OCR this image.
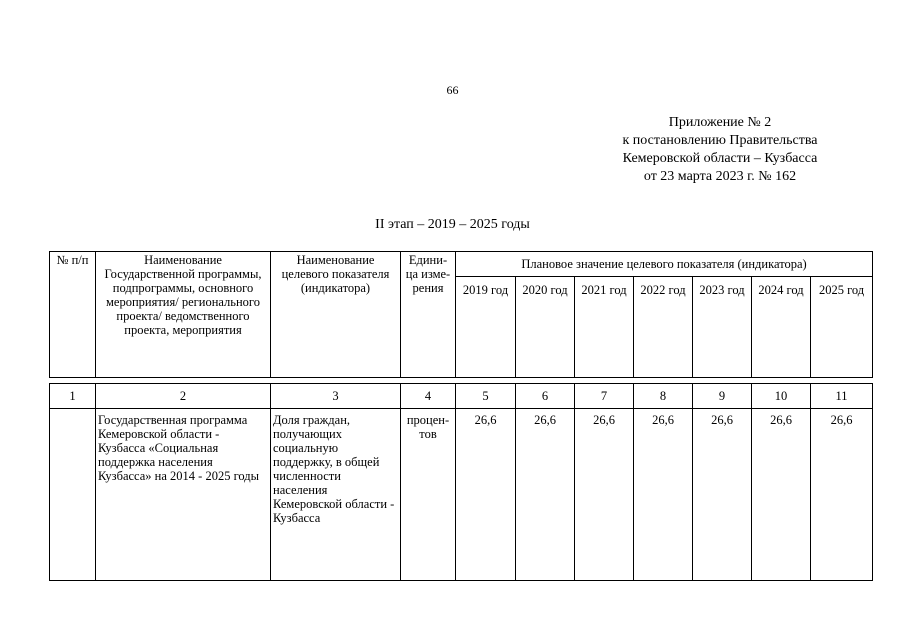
66
Приложение № 2
к постановлению Правительства
Кемеровской области – Кузбасса
от 23 марта 2023 г. № 162
II этап – 2019 – 2025 годы
№ п/п	Наименование Государственной программы, подпрограммы, основного мероприятия/ регионального проекта/ ведомственного проекта, мероприятия	Наименование целевого показателя (индикатора)	Едини-ца изме-рения	Плановое значение целевого показателя (индикатора)						
				2019 год	2020 год	2021 год	2022 год	2023 год	2024 год	2025 год

1	2	3	4	5	6	7	8	9	10	11
	Государственная программа Кемеровской области - Кузбасса «Социальная поддержка населения Кузбасса» на 2014 - 2025 годы	Доля граждан, получающих социальную поддержку, в общей численности населения Кемеровской области - Кузбасса	процен-тов	26,6	26,6	26,6	26,6	26,6	26,6	26,6
